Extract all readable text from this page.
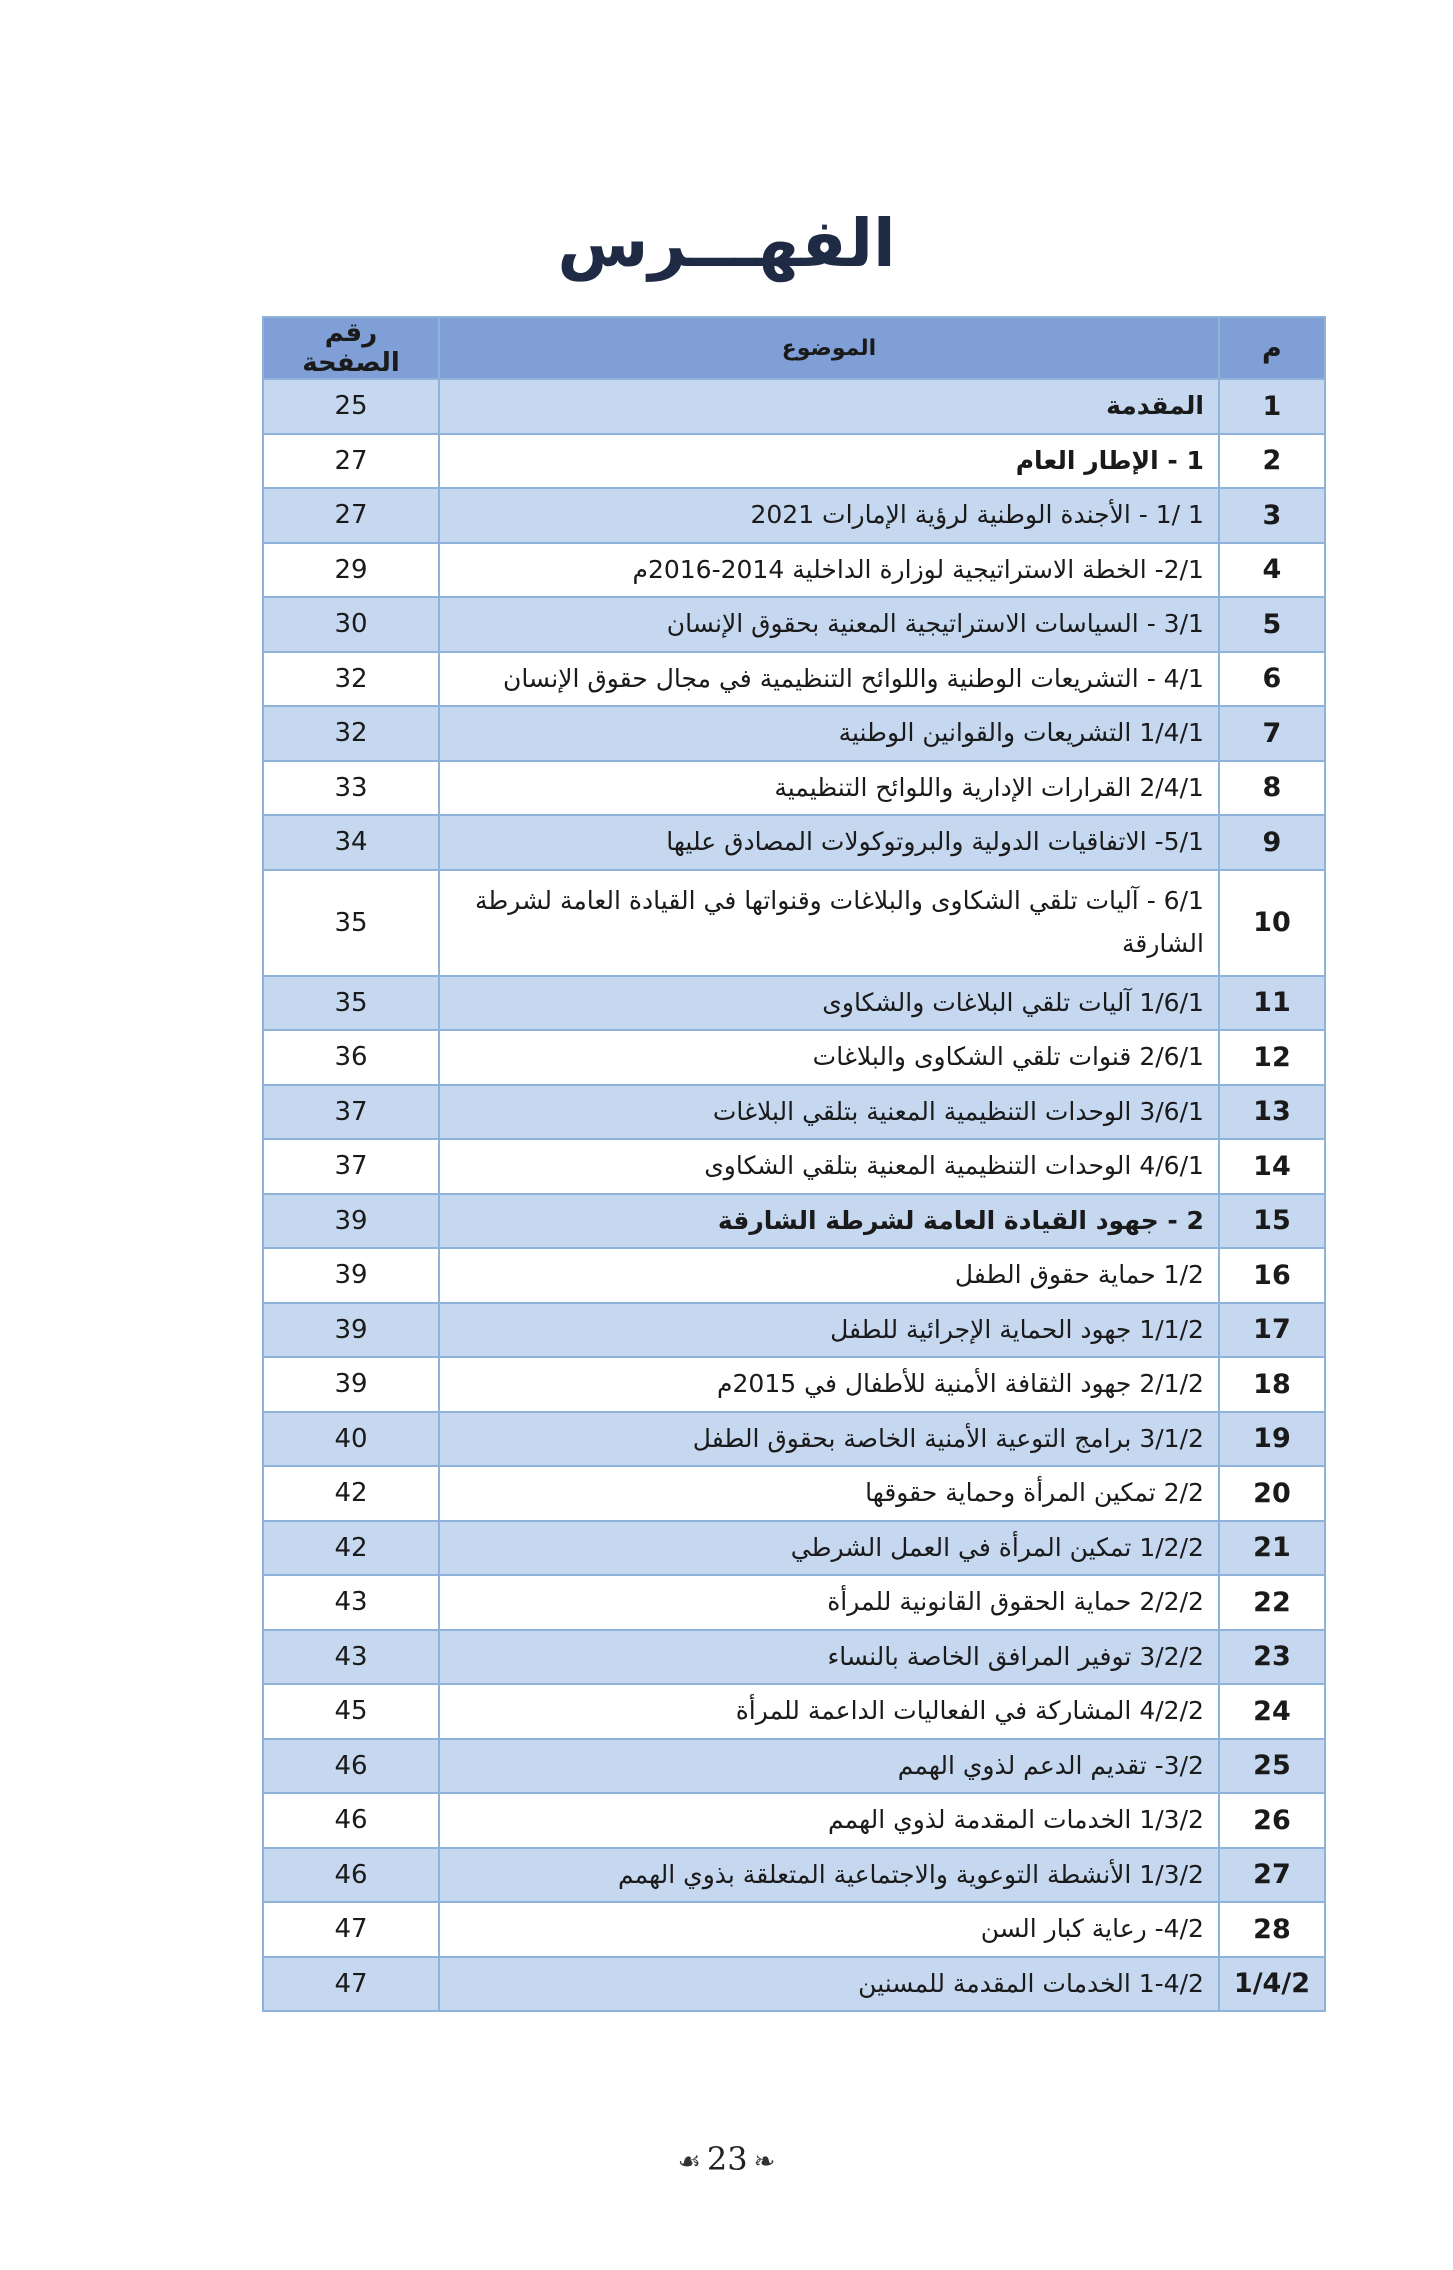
الفهـــرس
م	الموضوع	رقم الصفحة
1	المقدمة	25
2	1 - الإطار العام	27
3	1 /1 - الأجندة الوطنية لرؤية الإمارات 2021	27
4	2/1- الخطة الاستراتيجية لوزارة الداخلية 2014-2016م	29
5	3/1 - السياسات الاستراتيجية المعنية بحقوق الإنسان	30
6	4/1 - التشريعات الوطنية واللوائح التنظيمية في مجال حقوق الإنسان	32
7	1/4/1 التشريعات والقوانين الوطنية	32
8	2/4/1 القرارات الإدارية واللوائح التنظيمية	33
9	5/1- الاتفاقيات الدولية والبروتوكولات المصادق عليها	34
10	6/1 - آليات تلقي الشكاوى والبلاغات وقنواتها في القيادة العامة لشرطة الشارقة	35
11	1/6/1 آليات تلقي البلاغات والشكاوى	35
12	2/6/1 قنوات تلقي الشكاوى والبلاغات	36
13	3/6/1 الوحدات التنظيمية المعنية بتلقي البلاغات	37
14	4/6/1 الوحدات التنظيمية المعنية بتلقي الشكاوى	37
15	2 - جهود القيادة العامة لشرطة الشارقة	39
16	1/2 حماية حقوق الطفل	39
17	1/1/2 جهود الحماية الإجرائية للطفل	39
18	2/1/2 جهود الثقافة الأمنية للأطفال في 2015م	39
19	3/1/2 برامج التوعية الأمنية الخاصة بحقوق الطفل	40
20	2/2 تمكين المرأة وحماية حقوقها	42
21	1/2/2 تمكين المرأة في العمل الشرطي	42
22	2/2/2 حماية الحقوق القانونية للمرأة	43
23	3/2/2 توفير المرافق الخاصة بالنساء	43
24	4/2/2 المشاركة في الفعاليات الداعمة للمرأة	45
25	3/2- تقديم الدعم لذوي الهمم	46
26	1/3/2 الخدمات المقدمة لذوي الهمم	46
27	1/3/2 الأنشطة التوعوية والاجتماعية المتعلقة بذوي الهمم	46
28	4/2- رعاية كبار السن	47
1/4/2	1-4/2 الخدمات المقدمة للمسنين	47
☙ 23 ❧
